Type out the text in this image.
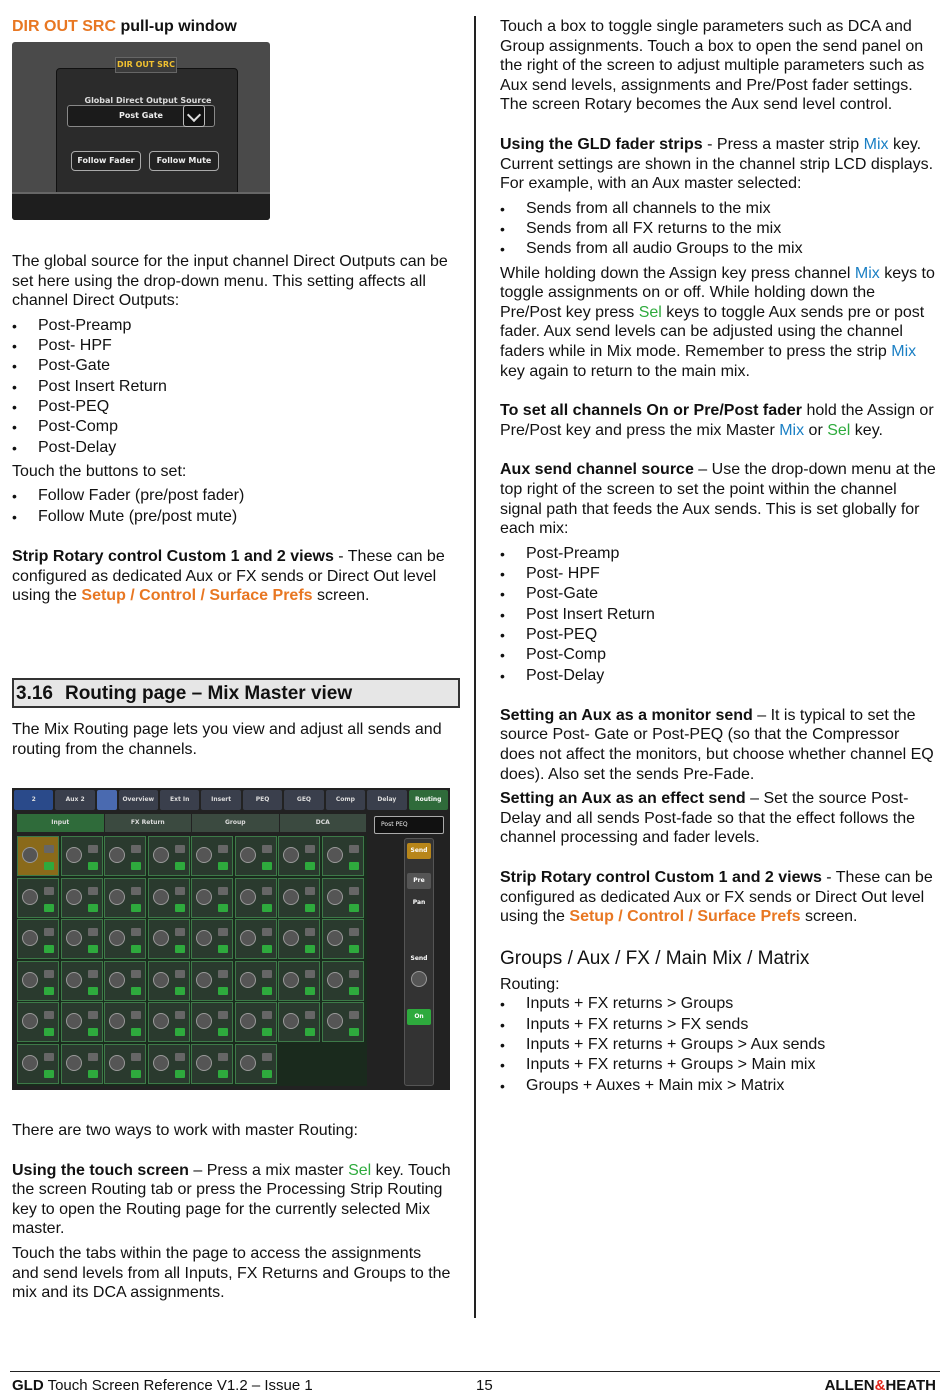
DIR OUT SRC pull-up window

DIR OUT SRC
Global Direct Output Source
Post Gate
Follow Fader	Follow Mute

The global source for the input channel Direct Outputs can be set here using the drop-down menu. This setting affects all channel Direct Outputs:

• Post-Preamp
• Post- HPF
• Post-Gate
• Post Insert Return
• Post-PEQ
• Post-Comp
• Post-Delay

Touch the buttons to set:

• Follow Fader (pre/post fader)
• Follow Mute (pre/post mute)

Strip Rotary control Custom 1 and 2 views - These can be configured as dedicated Aux or FX sends or Direct Out level using the Setup / Control / Surface Prefs screen.

3.16 Routing page – Mix Master view

The Mix Routing page lets you view and adjust all sends and routing from the channels.

2	Aux 2	Overview	Ext In	Insert	PEQ	GEQ	Comp	Delay	Routing
Input	FX Return	Group	DCA	Post PEQ
Send
Pre
Pan
Send
On

There are two ways to work with master Routing:

Using the touch screen – Press a mix master Sel key. Touch the screen Routing tab or press the Processing Strip Routing key to open the Routing page for the currently selected Mix master.

Touch the tabs within the page to access the assignments and send levels from all Inputs, FX Returns and Groups to the mix and its DCA assignments.

Touch a box to toggle single parameters such as DCA and Group assignments. Touch a box to open the send panel on the right of the screen to adjust multiple parameters such as Aux send levels, assignments and Pre/Post fader settings. The screen Rotary becomes the Aux send level control.

Using the GLD fader strips - Press a master strip Mix key. Current settings are shown in the channel strip LCD displays. For example, with an Aux master selected:

• Sends from all channels to the mix
• Sends from all FX returns to the mix
• Sends from all audio Groups to the mix

While holding down the Assign key press channel Mix keys to toggle assignments on or off. While holding down the Pre/Post key press Sel keys to toggle Aux sends pre or post fader. Aux send levels can be adjusted using the channel faders while in Mix mode. Remember to press the strip Mix key again to return to the main mix.

To set all channels On or Pre/Post fader hold the Assign or Pre/Post key and press the mix Master Mix or Sel key.

Aux send channel source – Use the drop-down menu at the top right of the screen to set the point within the channel signal path that feeds the Aux sends. This is set globally for each mix:

• Post-Preamp
• Post- HPF
• Post-Gate
• Post Insert Return
• Post-PEQ
• Post-Comp
• Post-Delay

Setting an Aux as a monitor send – It is typical to set the source Post- Gate or Post-PEQ (so that the Compressor does not affect the monitors, but choose whether channel EQ does). Also set the sends Pre-Fade.

Setting an Aux as an effect send – Set the source Post-Delay and all sends Post-fade so that the effect follows the channel processing and fader levels.

Strip Rotary control Custom 1 and 2 views - These can be configured as dedicated Aux or FX sends or Direct Out level using the Setup / Control / Surface Prefs screen.

Groups / Aux / FX / Main Mix / Matrix

Routing:

• Inputs + FX returns > Groups
• Inputs + FX returns > FX sends
• Inputs + FX returns + Groups > Aux sends
• Inputs + FX returns + Groups > Main mix
• Groups + Auxes + Main mix > Matrix
GLD Touch Screen Reference V1.2 – Issue 1	15	ALLEN&HEATH
